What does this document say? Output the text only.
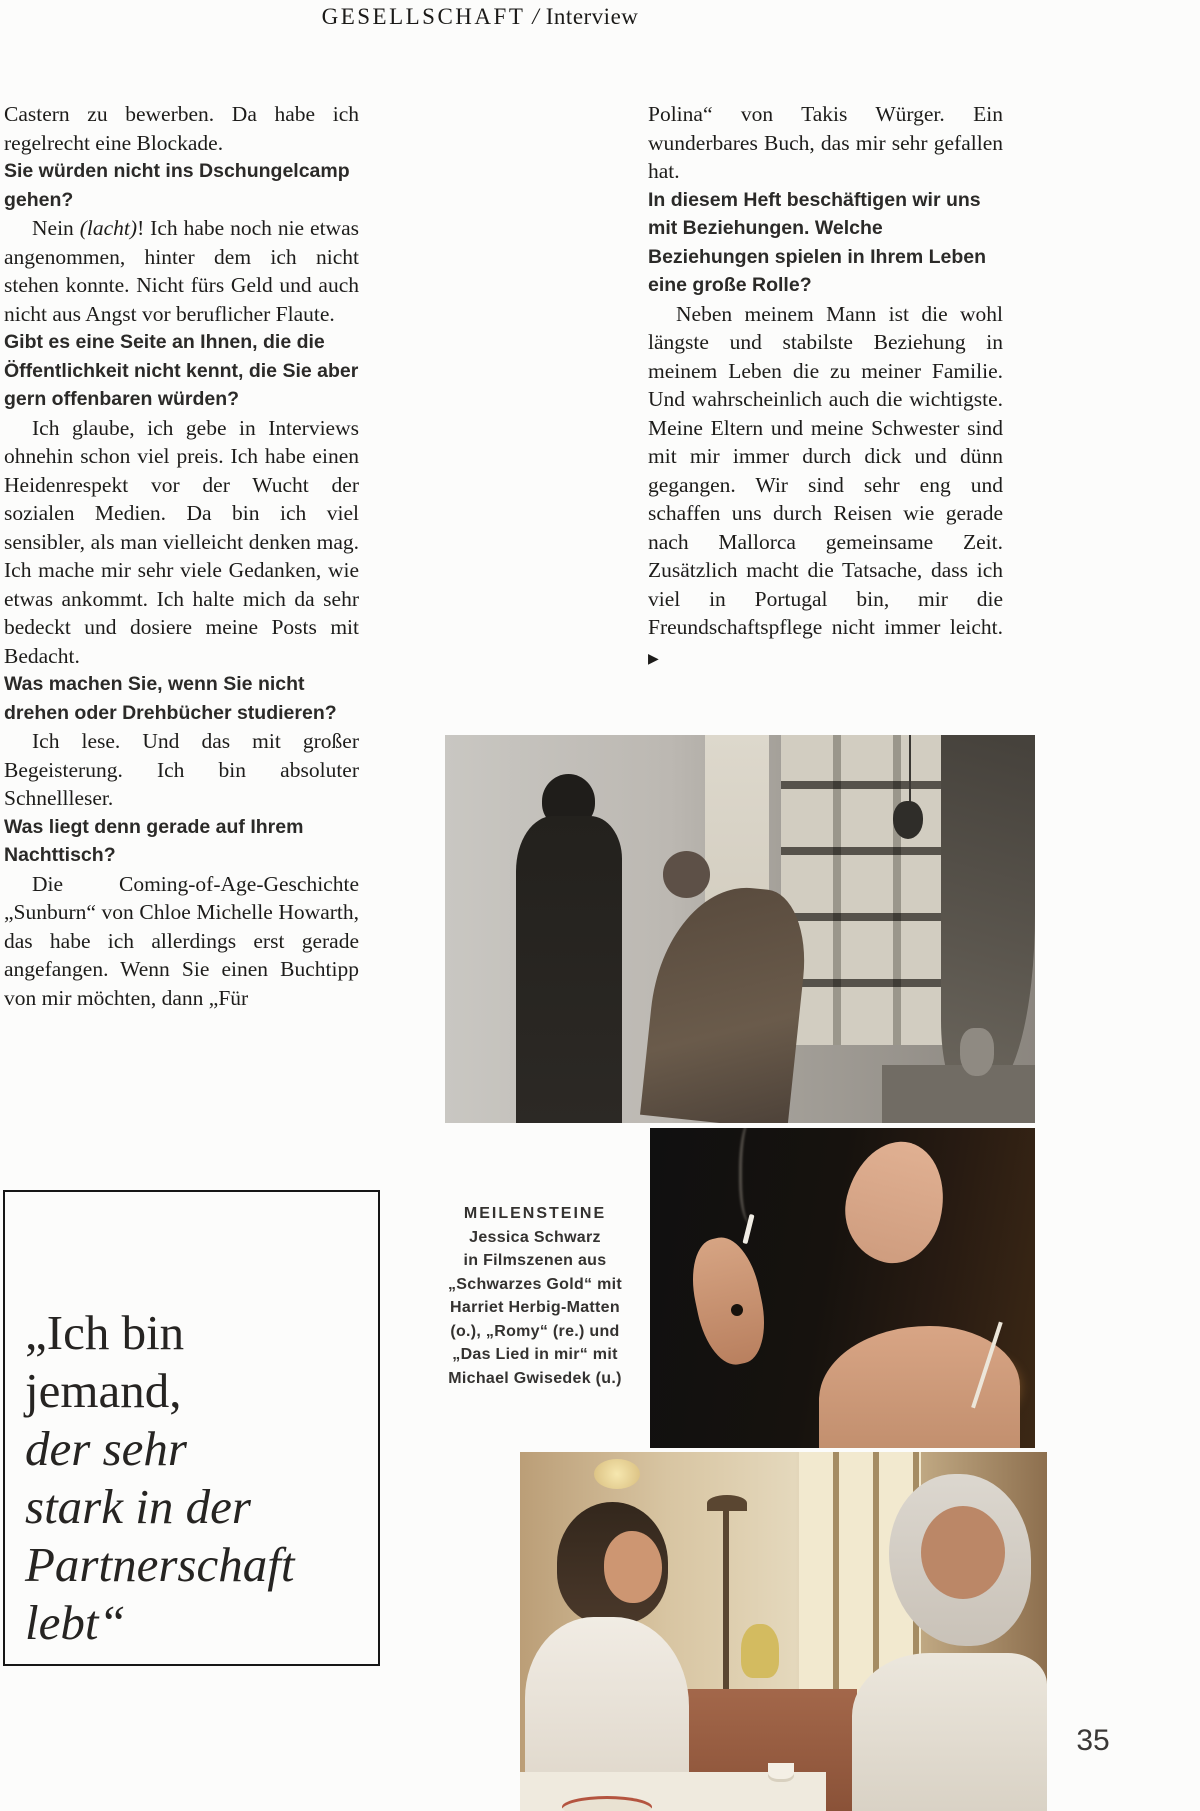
GESELLSCHAFT / Interview

Castern zu bewerben. Da habe ich regelrecht eine Blockade.

Sie würden nicht ins Dschungelcamp gehen?

Nein (lacht)! Ich habe noch nie etwas angenommen, hinter dem ich nicht stehen konnte. Nicht fürs Geld und auch nicht aus Angst vor beruflicher Flaute.

Gibt es eine Seite an Ihnen, die die Öffentlichkeit nicht kennt, die Sie aber gern offenbaren würden?

Ich glaube, ich gebe in Interviews ohnehin schon viel preis. Ich habe einen Heidenrespekt vor der Wucht der sozialen Medien. Da bin ich viel sensibler, als man vielleicht denken mag. Ich mache mir sehr viele Gedanken, wie etwas ankommt. Ich halte mich da sehr bedeckt und dosiere meine Posts mit Bedacht.

Was machen Sie, wenn Sie nicht drehen oder Drehbücher studieren?

Ich lese. Und das mit großer Begeisterung. Ich bin absoluter Schnellleser.

Was liegt denn gerade auf Ihrem Nachttisch?

Die Coming-of-Age-Geschichte „Sunburn“ von Chloe Michelle Howarth, das habe ich allerdings erst gerade angefangen. Wenn Sie einen Buchtipp von mir möchten, dann „Für

Polina“ von Takis Würger. Ein wunderbares Buch, das mir sehr gefallen hat.

In diesem Heft beschäftigen wir uns mit Beziehungen. Welche Beziehungen spielen in Ihrem Leben eine große Rolle?

Neben meinem Mann ist die wohl längste und stabilste Beziehung in meinem Leben die zu meiner Familie. Und wahrscheinlich auch die wichtigste. Meine Eltern und meine Schwester sind mit mir immer durch dick und dünn gegangen. Wir sind sehr eng und schaffen uns durch Reisen wie gerade nach Mallorca gemeinsame Zeit. Zusätzlich macht die Tatsache, dass ich viel in Portugal bin, mir die Freundschaftspflege nicht immer leicht. ▶

MEILENSTEINE
Jessica Schwarz
in Filmszenen aus
„Schwarzes Gold“ mit
Harriet Herbig-Matten
(o.), „Romy“ (re.) und
„Das Lied in mir“ mit
Michael Gwisedek (u.)
„Ich bin
jemand,
der sehr
stark in der
Partnerschaft
lebt“
35
